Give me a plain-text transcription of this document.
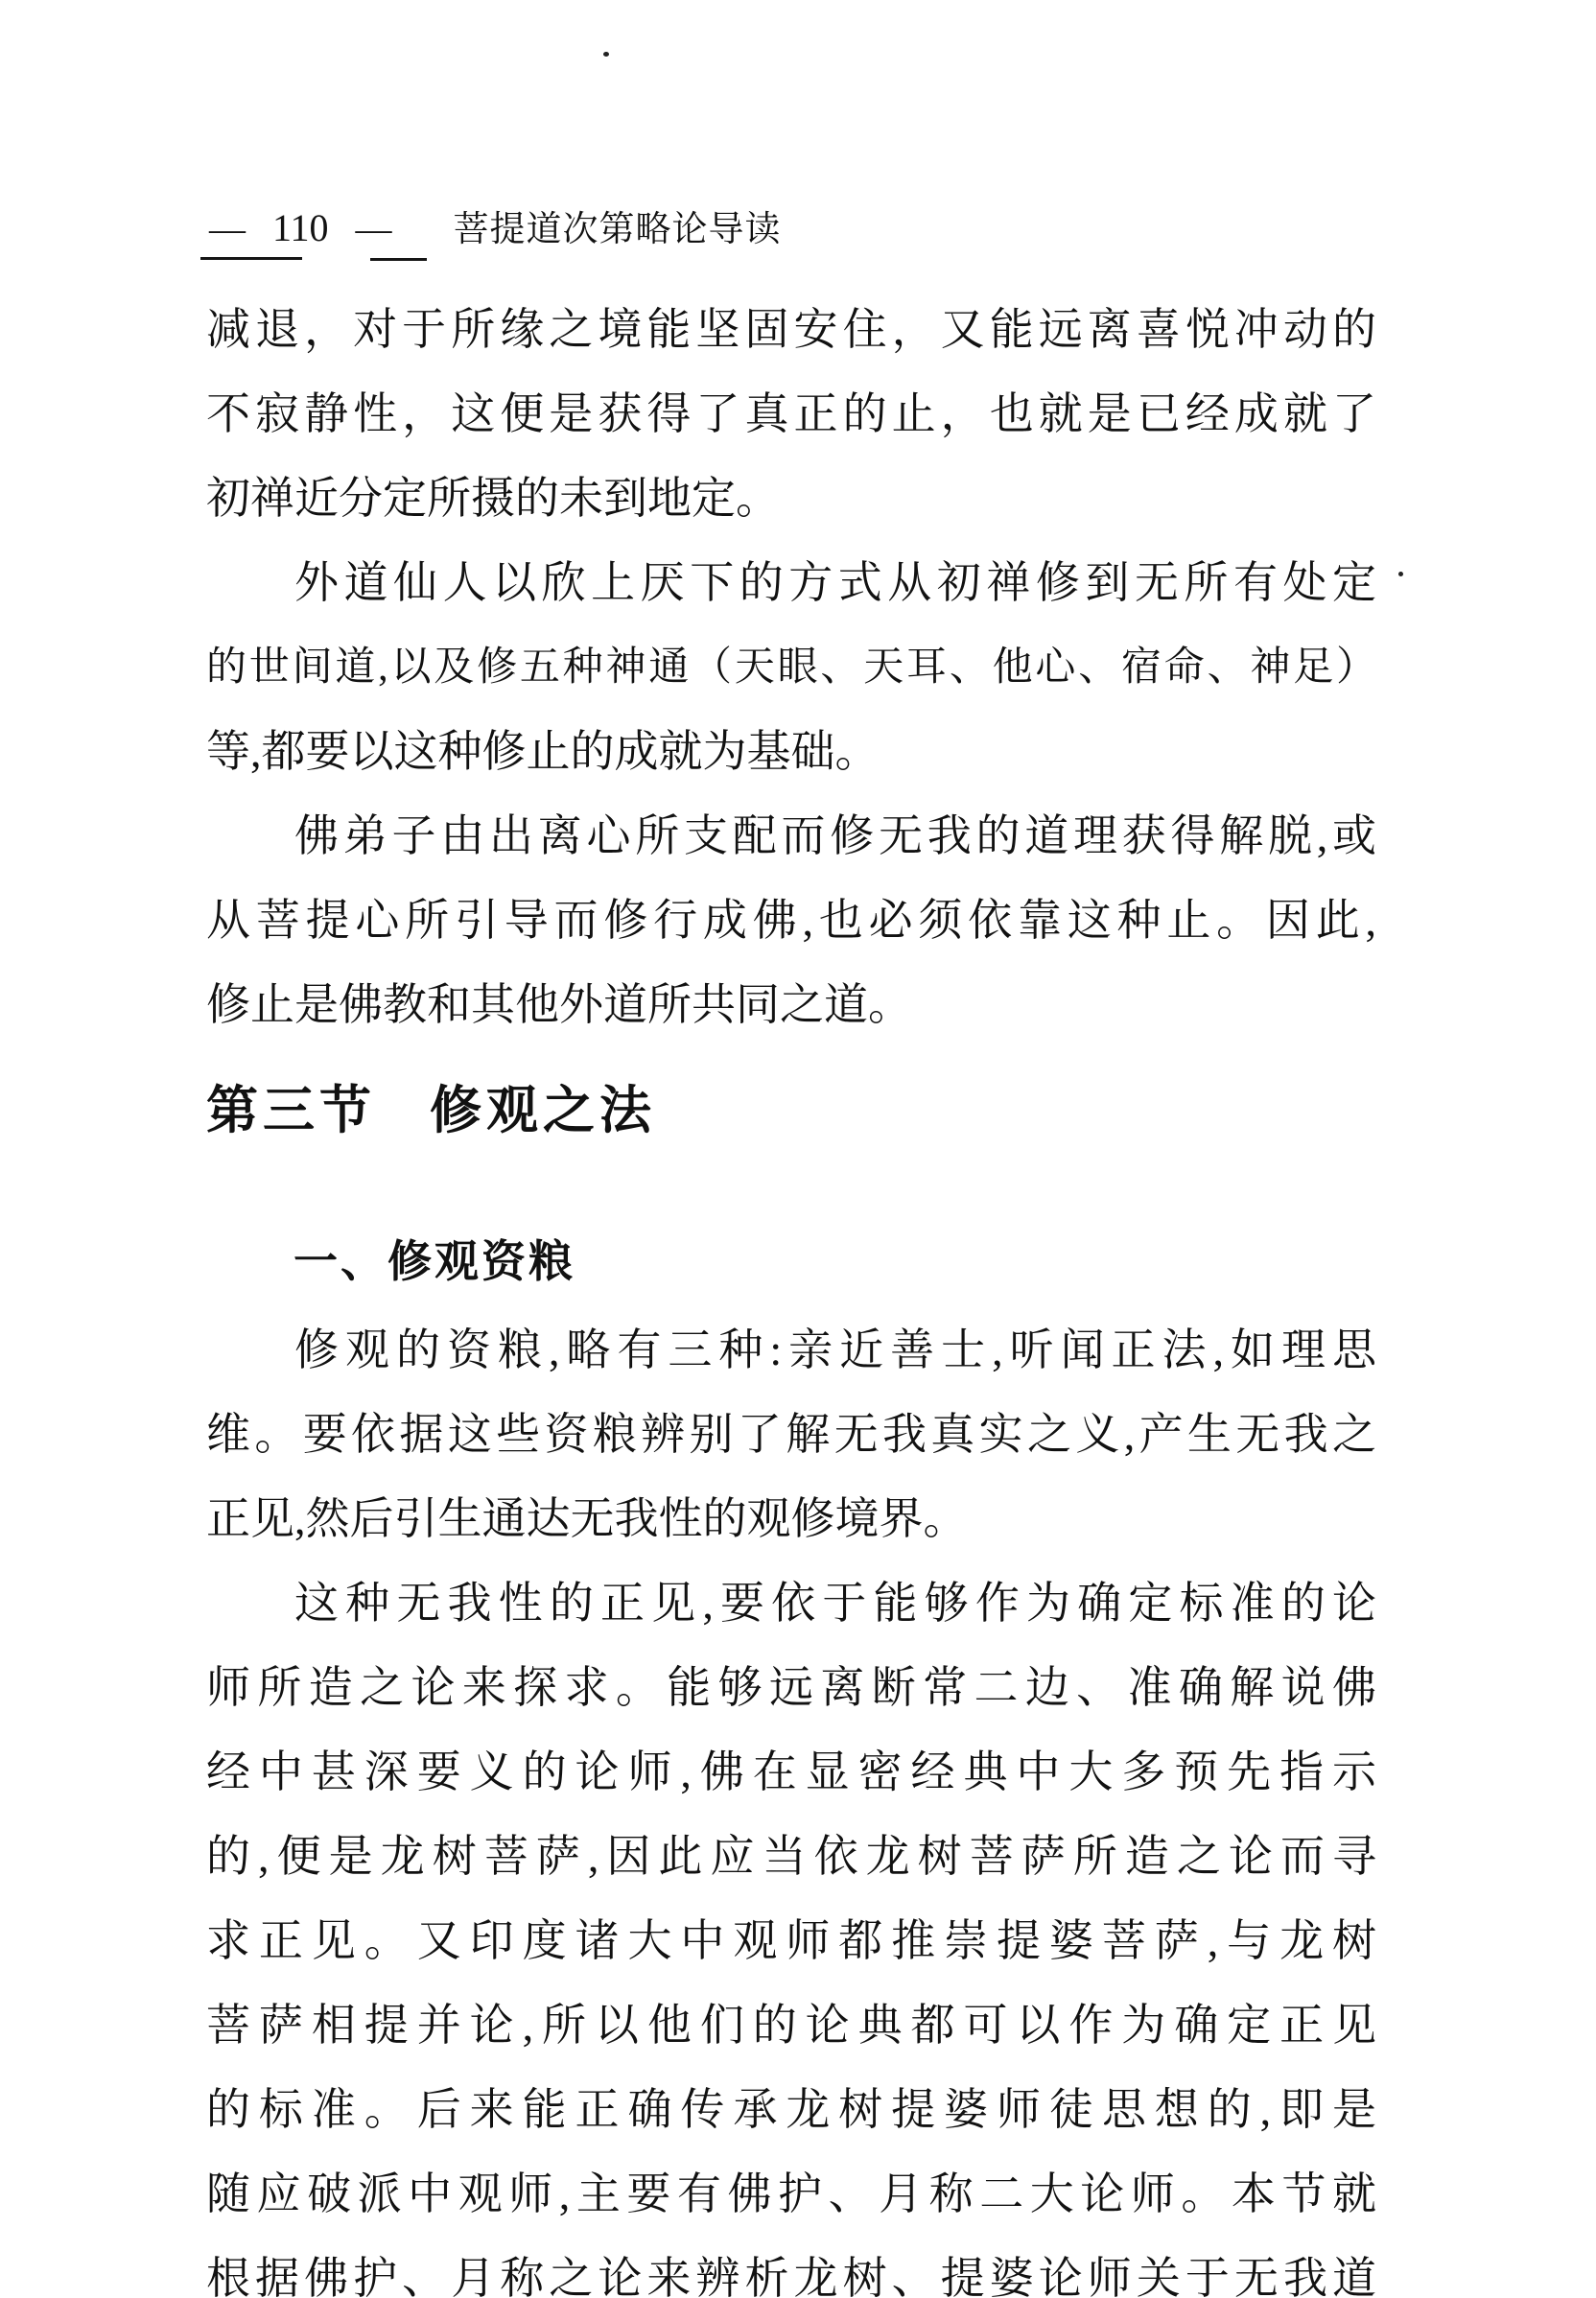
— 110 — 菩提道次第略论导读
减退，对于所缘之境能坚固安住，又能远离喜悦冲动的
不寂静性，这便是获得了真正的止，也就是已经成就了
初禅近分定所摄的未到地定。
外道仙人以欣上厌下的方式从初禅修到无所有处定
的世间道,以及修五种神通（天眼、天耳、他心、宿命、神足）
等,都要以这种修止的成就为基础。
佛弟子由出离心所支配而修无我的道理获得解脱,或
从菩提心所引导而修行成佛,也必须依靠这种止。因此,
修止是佛教和其他外道所共同之道。
第三节 修观之法
一、修观资粮
修观的资粮,略有三种:亲近善士,听闻正法,如理思
维。要依据这些资粮辨别了解无我真实之义,产生无我之
正见,然后引生通达无我性的观修境界。
这种无我性的正见,要依于能够作为确定标准的论
师所造之论来探求。能够远离断常二边、准确解说佛
经中甚深要义的论师,佛在显密经典中大多预先指示
的,便是龙树菩萨,因此应当依龙树菩萨所造之论而寻
求正见。又印度诸大中观师都推崇提婆菩萨,与龙树
菩萨相提并论,所以他们的论典都可以作为确定正见
的标准。后来能正确传承龙树提婆师徒思想的,即是
随应破派中观师,主要有佛护、月称二大论师。本节就
根据佛护、月称之论来辨析龙树、提婆论师关于无我道
